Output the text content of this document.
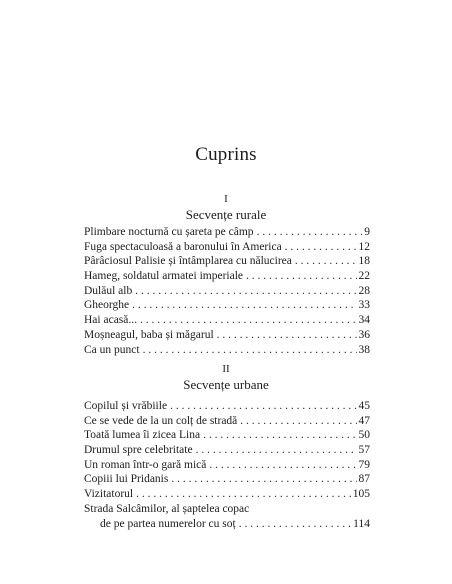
Cuprins
I
Secvențe rurale
Plimbare nocturnă cu șareta pe câmp . . .	9
Fuga spectaculoasă a baronului în America . . .	12
Pârâciosul Palisie și întâmplarea cu nălucirea . . .	18
Hameg, soldatul armatei imperiale . . .	22
Dulăul alb . . .	28
Gheorghe . . .	33
Hai acasă... . . .	34
Moșneagul, baba și măgarul . . .	36
Ca un punct . . .	38
II
Secvențe urbane
Copilul și vrăbiile . . .	45
Ce se vede de la un colț de stradă . . .	47
Toată lumea îi zicea Lina . . .	50
Drumul spre celebritate . . .	57
Un roman într-o gară mică . . .	79
Copiii lui Pridanis . . .	87
Vizitatorul . . .	105
Strada Salcâmilor, al șaptelea copac
de pe partea numerelor cu soț . . .	114
